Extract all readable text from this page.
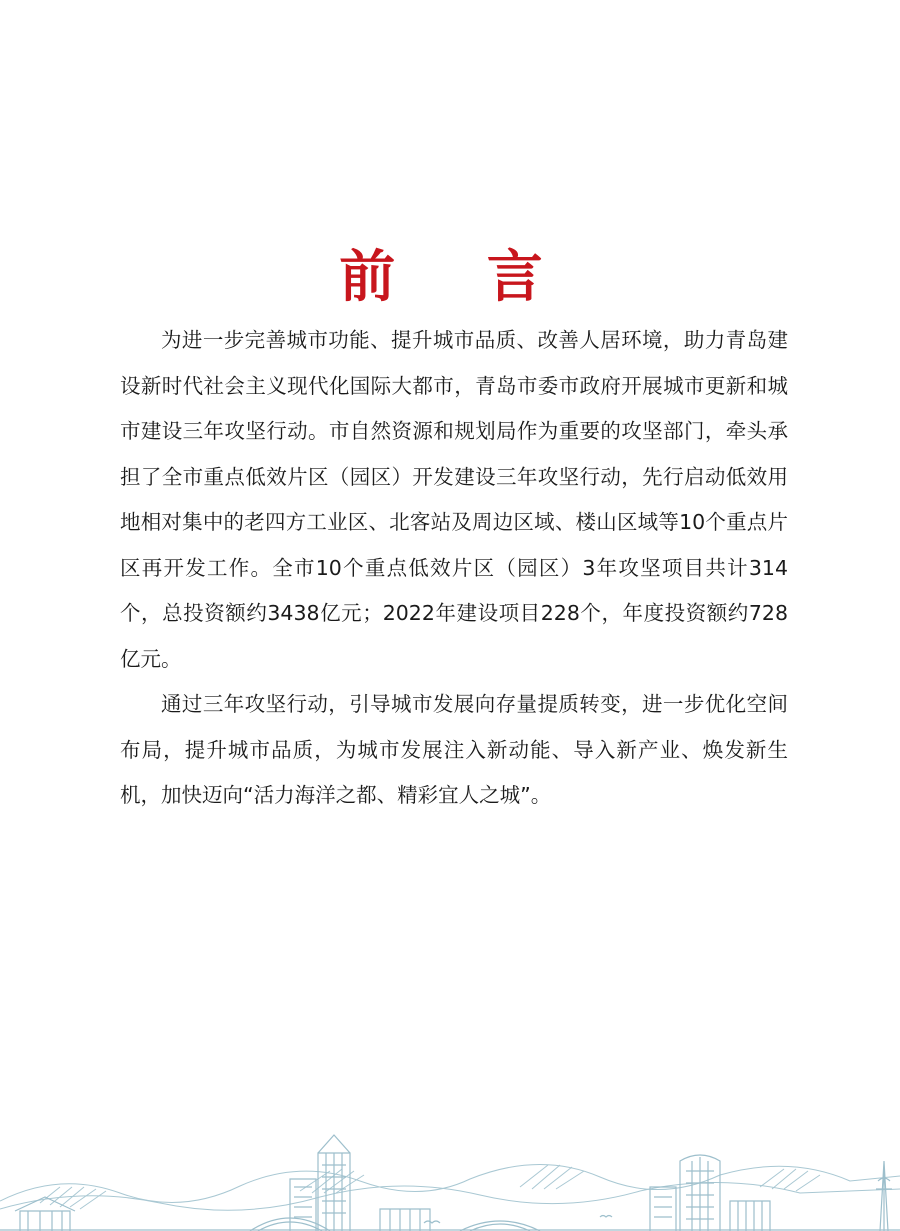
前 言

为进一步完善城市功能、提升城市品质、改善人居环境，助力青岛建设新时代社会主义现代化国际大都市，青岛市委市政府开展城市更新和城市建设三年攻坚行动。市自然资源和规划局作为重要的攻坚部门，牵头承担了全市重点低效片区（园区）开发建设三年攻坚行动，先行启动低效用地相对集中的老四方工业区、北客站及周边区域、楼山区域等10个重点片区再开发工作。全市10个重点低效片区（园区）3年攻坚项目共计314个，总投资额约3438亿元；2022年建设项目228个，年度投资额约728亿元。

通过三年攻坚行动，引导城市发展向存量提质转变，进一步优化空间布局，提升城市品质，为城市发展注入新动能、导入新产业、焕发新生机，加快迈向“活力海洋之都、精彩宜人之城”。
